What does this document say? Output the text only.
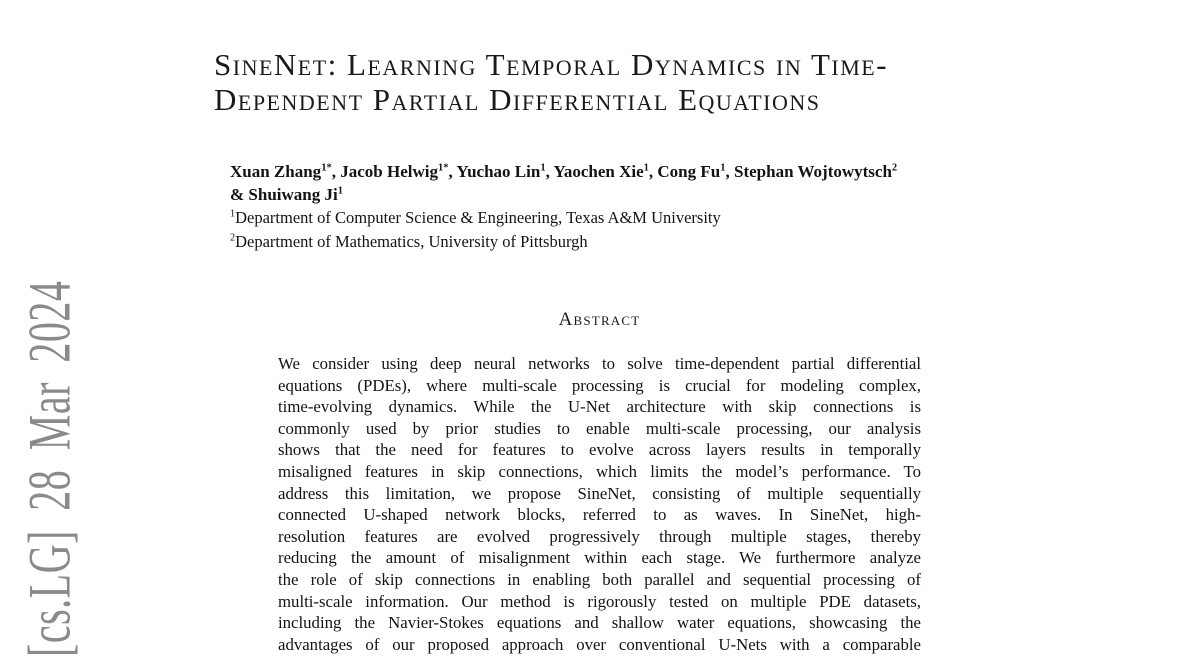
[cs.LG] 28 Mar 2024
SineNet: Learning Temporal Dynamics in Time-
Dependent Partial Differential Equations
Xuan Zhang$^{1*}$, Jacob Helwig$^{1*}$, Yuchao Lin$^1$, Yaochen Xie$^1$, Cong Fu$^1$, Stephan Wojtowytsch$^2$
& Shuiwang Ji$^1$
$^1$Department of Computer Science & Engineering, Texas A&M University
$^2$Department of Mathematics, University of Pittsburgh
Abstract
We consider using deep neural networks to solve time-dependent partial differential
equations (PDEs), where multi-scale processing is crucial for modeling complex,
time-evolving dynamics. While the U-Net architecture with skip connections is
commonly used by prior studies to enable multi-scale processing, our analysis
shows that the need for features to evolve across layers results in temporally
misaligned features in skip connections, which limits the model’s performance. To
address this limitation, we propose SineNet, consisting of multiple sequentially
connected U-shaped network blocks, referred to as waves. In SineNet, high-
resolution features are evolved progressively through multiple stages, thereby
reducing the amount of misalignment within each stage. We furthermore analyze
the role of skip connections in enabling both parallel and sequential processing of
multi-scale information. Our method is rigorously tested on multiple PDE datasets,
including the Navier-Stokes equations and shallow water equations, showcasing the
advantages of our proposed approach over conventional U-Nets with a comparable
